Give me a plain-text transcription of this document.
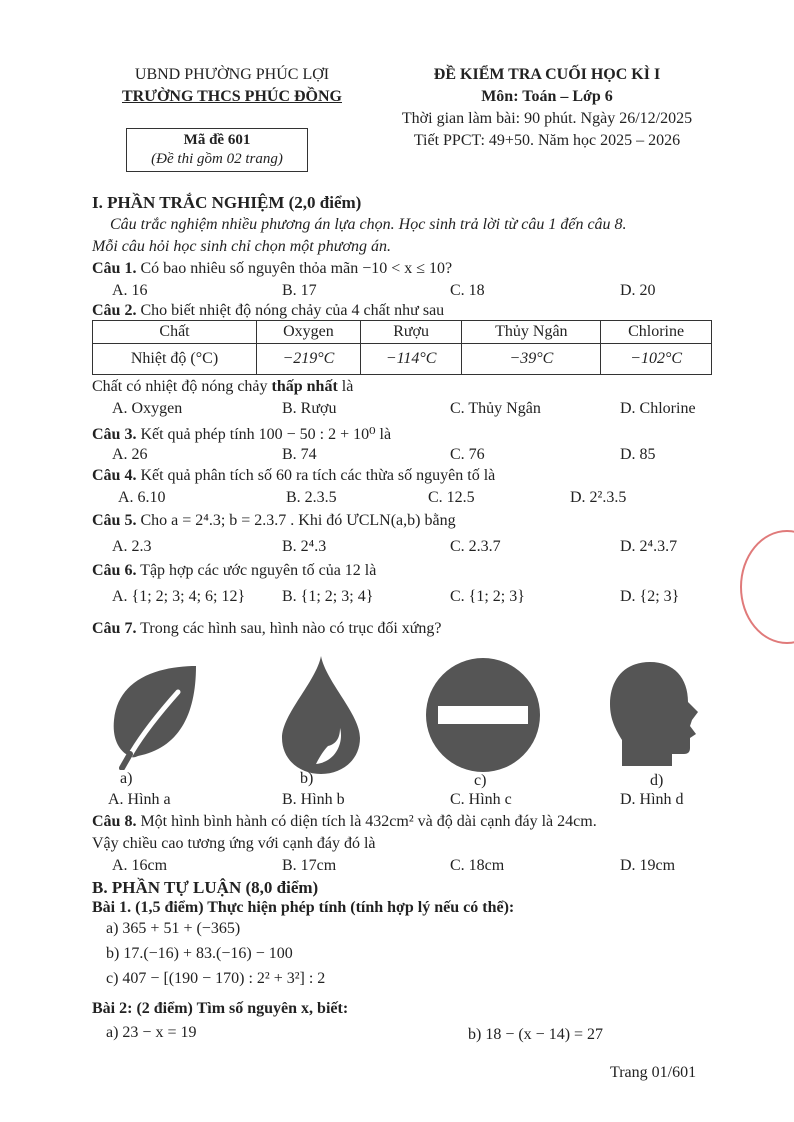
UBND PHƯỜNG PHÚC LỢI
TRƯỜNG THCS PHÚC ĐỒNG
Mã đề 601
(Đề thi gồm 02 trang)
ĐỀ KIỂM TRA CUỐI HỌC KÌ I
Môn: Toán – Lớp 6
Thời gian làm bài: 90 phút. Ngày 26/12/2025
Tiết PPCT: 49+50. Năm học 2025 – 2026
I. PHẦN TRẮC NGHIỆM (2,0 điểm)
Câu trắc nghiệm nhiều phương án lựa chọn. Học sinh trả lời từ câu 1 đến câu 8.
Mỗi câu hỏi học sinh chỉ chọn một phương án.
Câu 1. Có bao nhiêu số nguyên thỏa mãn −10 < x ≤ 10?
A. 16	B. 17	C. 18	D. 20
Câu 2. Cho biết nhiệt độ nóng chảy của 4 chất như sau
Chất	Oxygen	Rượu	Thủy Ngân	Chlorine
Nhiệt độ (°C)	−219°C	−114°C	−39°C	−102°C
Chất có nhiệt độ nóng chảy thấp nhất là
A. Oxygen	B. Rượu	C. Thủy Ngân	D. Chlorine
Câu 3. Kết quả phép tính 100 − 50 : 2 + 10⁰ là
A. 26	B. 74	C. 76	D. 85
Câu 4. Kết quả phân tích số 60 ra tích các thừa số nguyên tố là
A. 6.10	B. 2.3.5	C. 12.5	D. 2².3.5
Câu 5. Cho a = 2⁴.3; b = 2.3.7 . Khi đó ƯCLN(a,b) bằng
A. 2.3	B. 2⁴.3	C. 2.3.7	D. 2⁴.3.7
Câu 6. Tập hợp các ước nguyên tố của 12 là
A. {1; 2; 3; 4; 6; 12} B. {1; 2; 3; 4}	C. {1; 2; 3}	D. {2; 3}
Câu 7. Trong các hình sau, hình nào có trục đối xứng?
a)	b)	c)	d)
A. Hình a	B. Hình b	C. Hình c	D. Hình d
Câu 8. Một hình bình hành có diện tích là 432cm² và độ dài cạnh đáy là 24cm.
Vậy chiều cao tương ứng với cạnh đáy đó là
A. 16cm	B. 17cm	C. 18cm	D. 19cm
B. PHẦN TỰ LUẬN (8,0 điểm)
Bài 1. (1,5 điểm) Thực hiện phép tính (tính hợp lý nếu có thể):
a) 365 + 51 + (−365)
b) 17.(−16) + 83.(−16) − 100
c) 407 − [(190 − 170) : 2² + 3²] : 2
Bài 2: (2 điểm) Tìm số nguyên x, biết:
a) 23 − x = 19	b) 18 − (x − 14) = 27
Trang 01/601
